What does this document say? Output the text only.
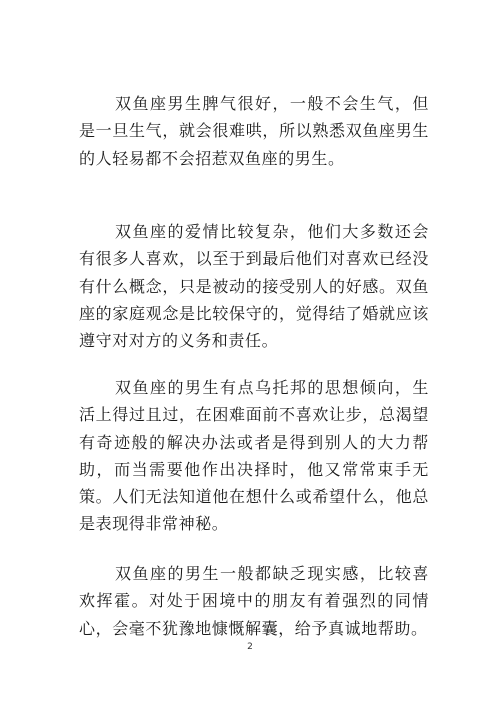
双鱼座男生脾气很好，一般不会生气，但是一旦生气，就会很难哄，所以熟悉双鱼座男生的人轻易都不会招惹双鱼座的男生。

双鱼座的爱情比较复杂，他们大多数还会有很多人喜欢，以至于到最后他们对喜欢已经没有什么概念，只是被动的接受别人的好感。双鱼座的家庭观念是比较保守的，觉得结了婚就应该遵守对对方的义务和责任。

双鱼座的男生有点乌托邦的思想倾向，生活上得过且过，在困难面前不喜欢让步，总渴望有奇迹般的解决办法或者是得到别人的大力帮助，而当需要他作出决择时，他又常常束手无策。人们无法知道他在想什么或希望什么，他总是表现得非常神秘。

双鱼座的男生一般都缺乏现实感，比较喜欢挥霍。对处于困境中的朋友有着强烈的同情心，会毫不犹豫地慷慨解囊，给予真诚地帮助。

2
